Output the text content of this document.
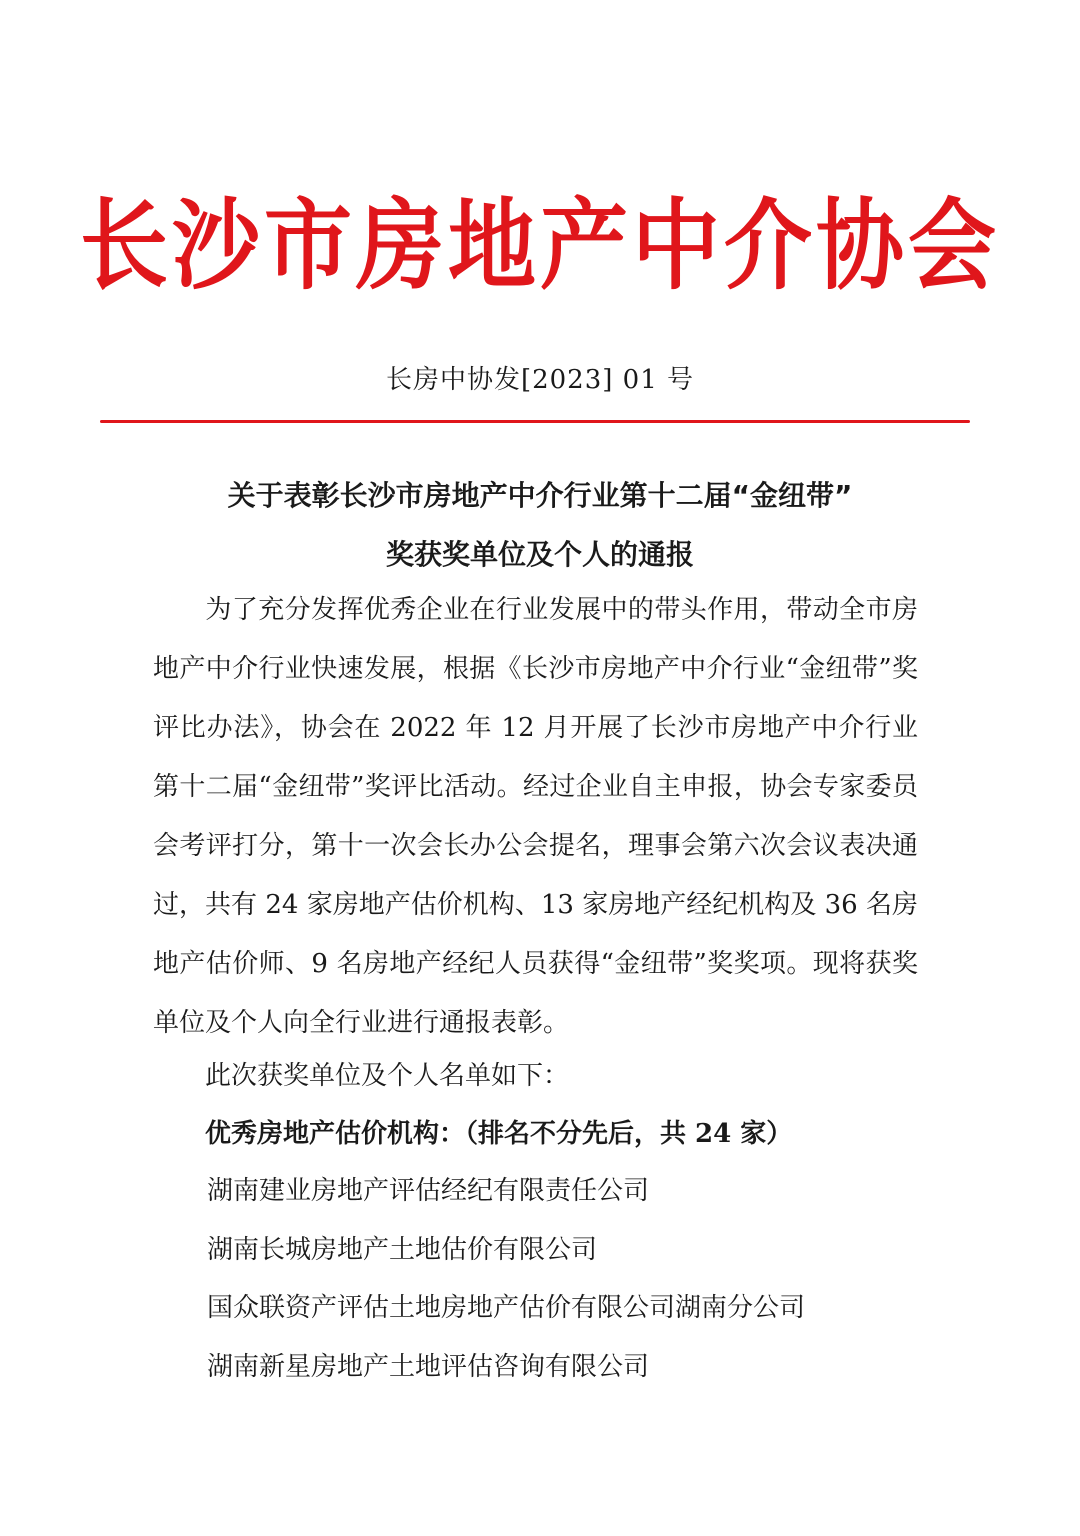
长沙市房地产中介协会
长房中协发[2023] 01 号
关于表彰长沙市房地产中介行业第十二届“金纽带”
奖获奖单位及个人的通报
为了充分发挥优秀企业在行业发展中的带头作用，带动全市房地产中介行业快速发展，根据《长沙市房地产中介行业“金纽带”奖评比办法》，协会在 2022 年 12 月开展了长沙市房地产中介行业第十二届“金纽带”奖评比活动。经过企业自主申报，协会专家委员会考评打分，第十一次会长办公会提名，理事会第六次会议表决通过，共有 24 家房地产估价机构、13 家房地产经纪机构及 36 名房地产估价师、9 名房地产经纪人员获得“金纽带”奖奖项。现将获奖单位及个人向全行业进行通报表彰。
此次获奖单位及个人名单如下：
优秀房地产估价机构：（排名不分先后，共 24 家）
湖南建业房地产评估经纪有限责任公司
湖南长城房地产土地估价有限公司
国众联资产评估土地房地产估价有限公司湖南分公司
湖南新星房地产土地评估咨询有限公司
